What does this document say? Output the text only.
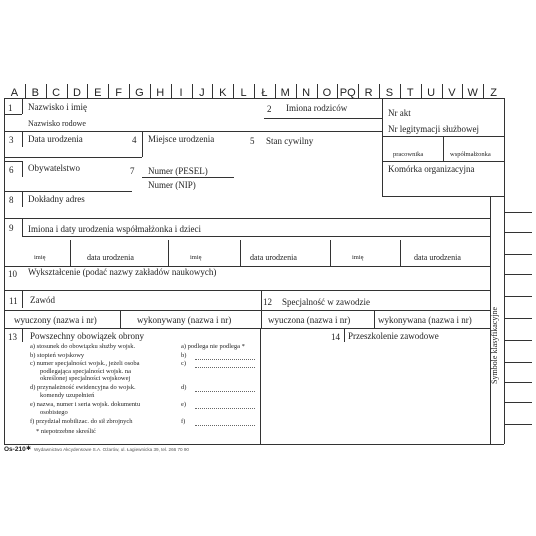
A	B	C	D	E	F	G	H	I	J	K	L	Ł	M	N	O PQ R	S	T	U	V	W	Z
Symbole klasyfikacyjne
1 Nazwisko i imię
Nazwisko rodowe
2 Imiona rodziców	Nr akt
Nr legitymacji służbowej
3 Data urodzenia	4 Miejsce urodzenia	5 Stan cywilny
pracownika	współmałżonka
6 Obywatelstwo	7 Numer (PESEL)
Numer (NIP)
Komórka organizacyjna
8 Dokładny adres
9 Imiona i daty urodzenia współmałżonka i dzieci
imię	data urodzenia	imię	data urodzenia	imię	data urodzenia
10 Wykształcenie (podać nazwy zakładów naukowych)
11 Zawód	12 Specjalność w zawodzie
wyuczony (nazwa i nr)	wykonywany (nazwa i nr)	wyuczona (nazwa i nr)	wykonywana (nazwa i nr)
13 Powszechny obowiązek obrony	14 Przeszkolenie zawodowe
a) stosunek do obowiązku służby wojsk.
b) stopień wojskowy
c) numer specjalności wojsk., jeżeli osoba
podlegająca specjalności wojsk. na
określonej specjalności wojskowej
d) przynależność ewidencyjna do wojsk.
komendy uzupełnień
e) nazwa, numer i seria wojsk. dokumentu
osobistego
f) przydział mobilizac. do sił zbrojnych
* niepotrzebne skreślić
a) podlega nie podlega *
b)
c)
d)
e)
f)
Os-210 ✱ Wydawnictwo Akcydensowe S.A. Ożarów, ul. Łagiewnicka 39, tel. 266 70 90
